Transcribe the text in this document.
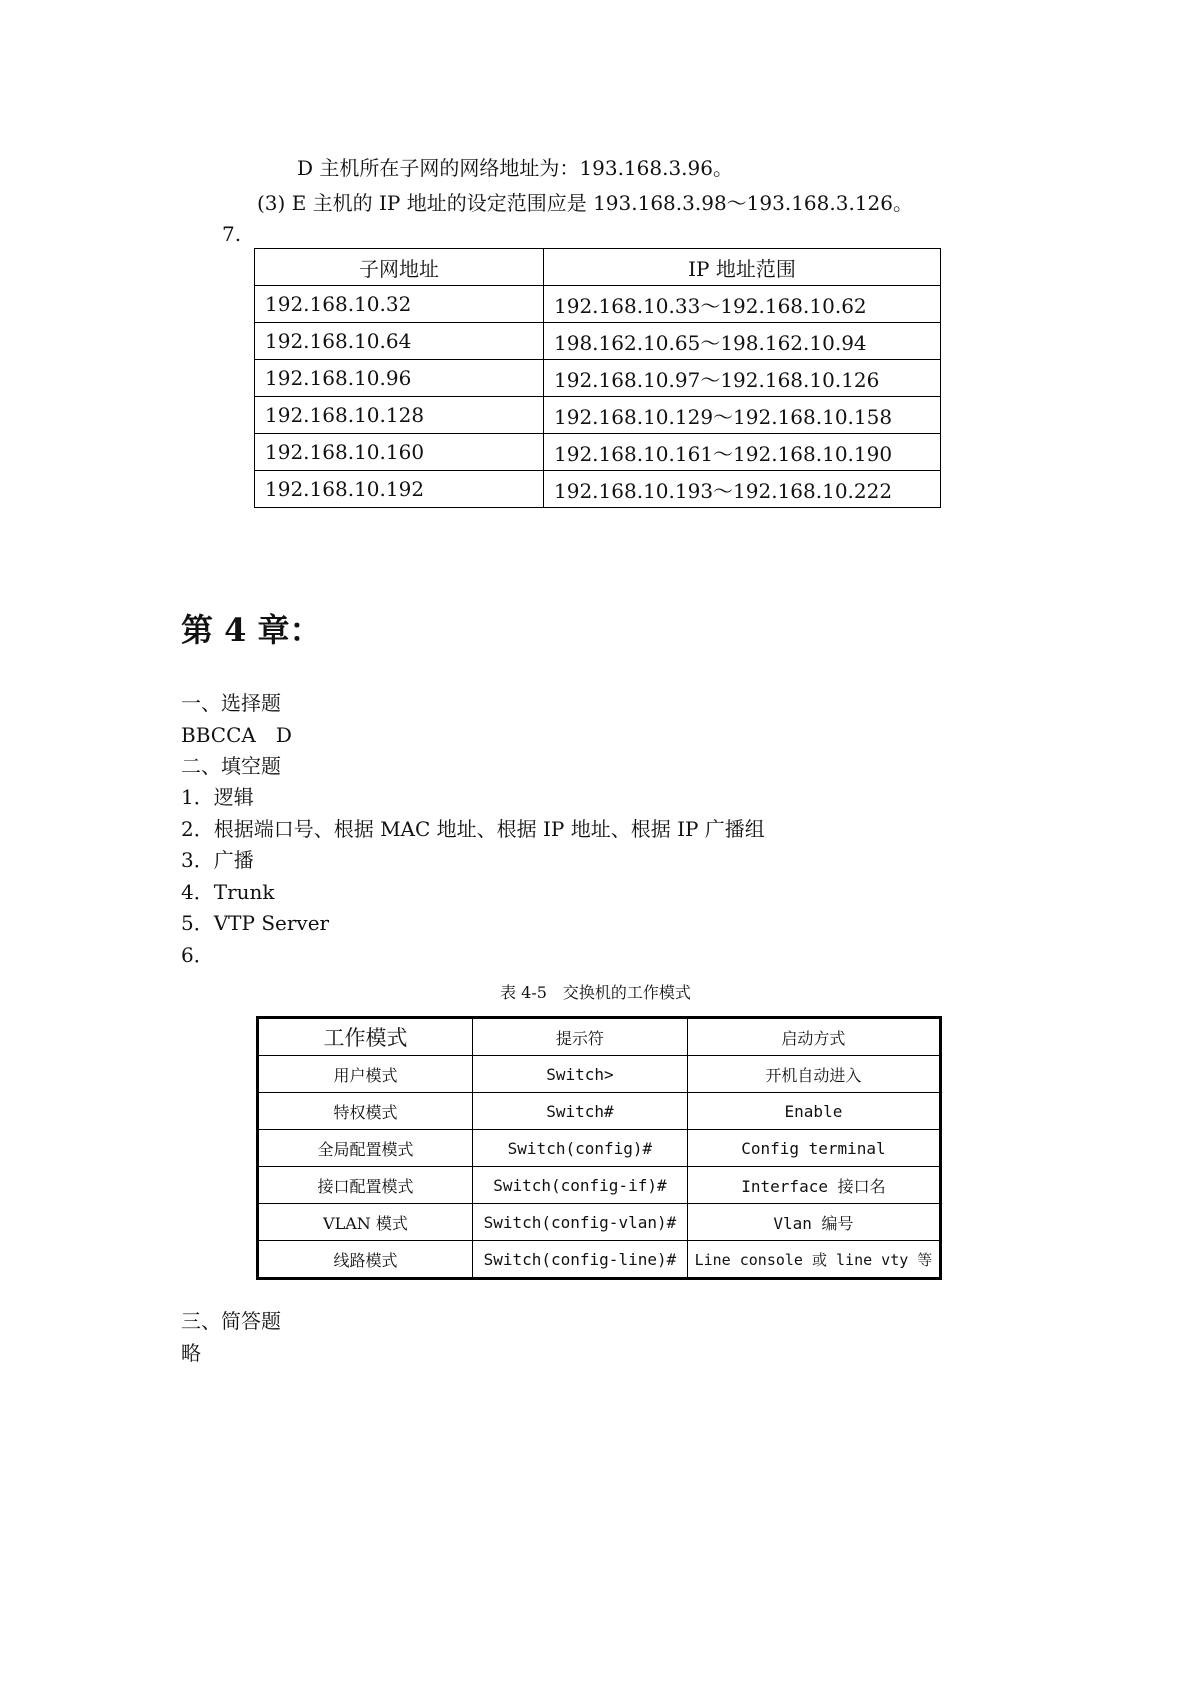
D 主机所在子网的网络地址为：193.168.3.96。
(3) E 主机的 IP 地址的设定范围应是 193.168.3.98～193.168.3.126。
7.
子网地址	IP 地址范围
192.168.10.32	192.168.10.33～192.168.10.62
192.168.10.64	198.162.10.65～198.162.10.94
192.168.10.96	192.168.10.97～192.168.10.126
192.168.10.128	192.168.10.129～192.168.10.158
192.168.10.160	192.168.10.161～192.168.10.190
192.168.10.192	192.168.10.193～192.168.10.222
第 4 章：
一、选择题
BBCCA　D
二、填空题
1．逻辑
2．根据端口号、根据 MAC 地址、根据 IP 地址、根据 IP 广播组
3．广播
4．Trunk
5．VTP Server
6．
表 4-5　交换机的工作模式
工作模式	提示符	启动方式
用户模式	Switch>	开机自动进入
特权模式	Switch#	Enable
全局配置模式	Switch(config)#	Config terminal
接口配置模式	Switch(config-if)#	Interface 接口名
VLAN 模式	Switch(config-vlan)#	Vlan 编号
线路模式	Switch(config-line)#	Line console 或 line vty 等
三、简答题
略
